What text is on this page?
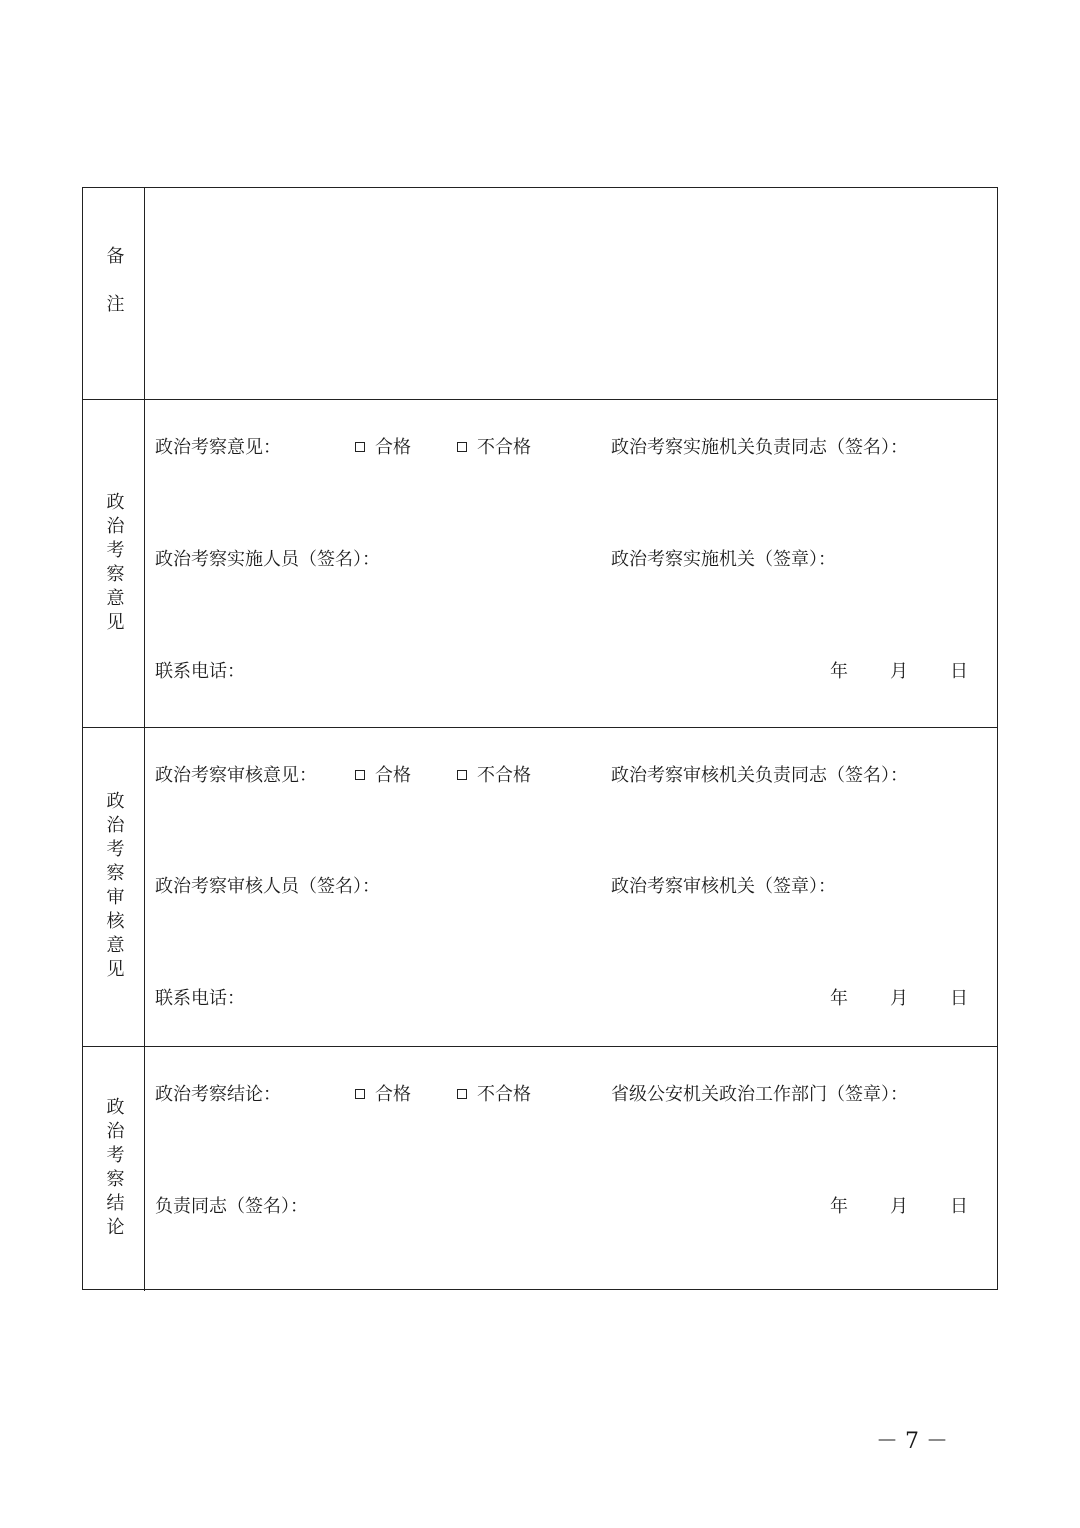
备注
政治考察意见
政治考察意见：	合格	不合格	政治考察实施机关负责同志（签名）：
政治考察实施人员（签名）：	政治考察实施机关（签章）：
联系电话：	年 月 日
政治考察审核意见
政治考察审核意见：	合格	不合格	政治考察审核机关负责同志（签名）：
政治考察审核人员（签名）：	政治考察审核机关（签章）：
联系电话：	年 月 日
政治考察结论
政治考察结论：	合格	不合格	省级公安机关政治工作部门（签章）：
负责同志（签名）：	年 月 日
－ 7 －
